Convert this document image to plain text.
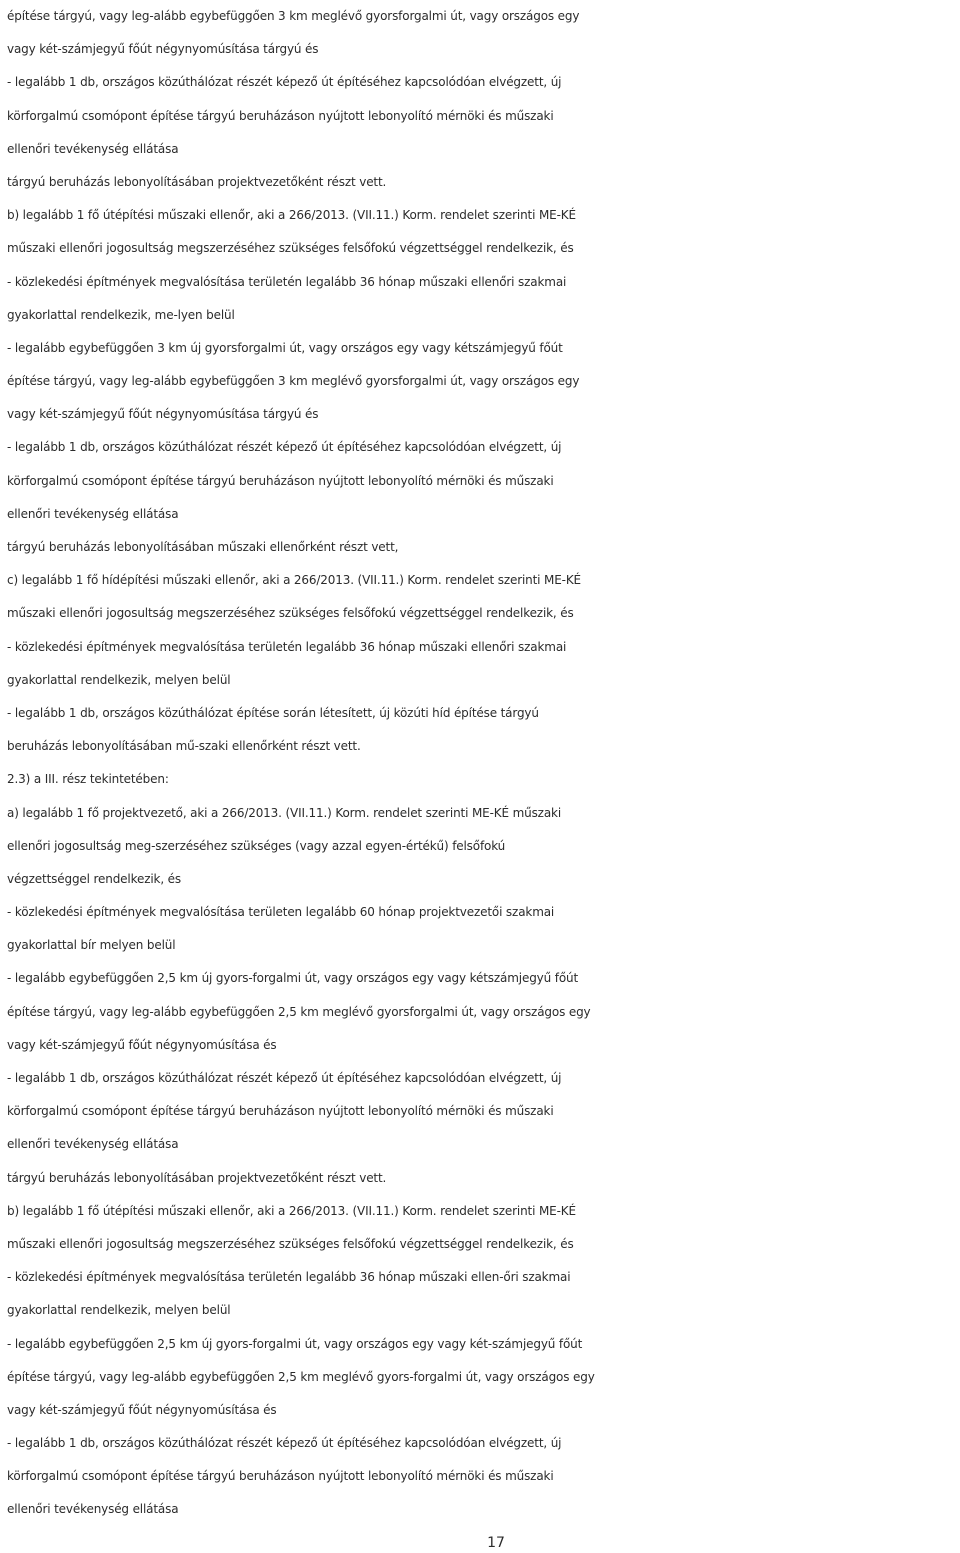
építése tárgyú, vagy leg-alább egybefüggően 3 km meglévő gyorsforgalmi út, vagy országos egy
vagy két-számjegyű főút négynyomúsítása tárgyú és
- legalább 1 db, országos közúthálózat részét képező út építéséhez kapcsolódóan elvégzett, új
körforgalmú csomópont építése tárgyú beruházáson nyújtott lebonyolító mérnöki és műszaki
ellenőri tevékenység ellátása
tárgyú beruházás lebonyolításában projektvezetőként részt vett.
b) legalább 1 fő útépítési műszaki ellenőr, aki a 266/2013. (VII.11.) Korm. rendelet szerinti ME-KÉ
műszaki ellenőri jogosultság megszerzéséhez szükséges felsőfokú végzettséggel rendelkezik, és
- közlekedési építmények megvalósítása területén legalább 36 hónap műszaki ellenőri szakmai
gyakorlattal rendelkezik, me-lyen belül
- legalább egybefüggően 3 km új gyorsforgalmi út, vagy országos egy vagy kétszámjegyű főút
építése tárgyú, vagy leg-alább egybefüggően 3 km meglévő gyorsforgalmi út, vagy országos egy
vagy két-számjegyű főút négynyomúsítása tárgyú és
- legalább 1 db, országos közúthálózat részét képező út építéséhez kapcsolódóan elvégzett, új
körforgalmú csomópont építése tárgyú beruházáson nyújtott lebonyolító mérnöki és műszaki
ellenőri tevékenység ellátása
tárgyú beruházás lebonyolításában műszaki ellenőrként részt vett,
c) legalább 1 fő hídépítési műszaki ellenőr, aki a 266/2013. (VII.11.) Korm. rendelet szerinti ME-KÉ
műszaki ellenőri jogosultság megszerzéséhez szükséges felsőfokú végzettséggel rendelkezik, és
- közlekedési építmények megvalósítása területén legalább 36 hónap műszaki ellenőri szakmai
gyakorlattal rendelkezik, melyen belül
- legalább 1 db, országos közúthálózat építése során létesített, új közúti híd építése tárgyú
beruházás lebonyolításában mű-szaki ellenőrként részt vett.
2.3) a III. rész tekintetében:
a) legalább 1 fő projektvezető, aki a 266/2013. (VII.11.) Korm. rendelet szerinti ME-KÉ műszaki
ellenőri jogosultság meg-szerzéséhez szükséges (vagy azzal egyen-értékű) felsőfokú
végzettséggel rendelkezik, és
- közlekedési építmények megvalósítása területen legalább 60 hónap projektvezetői szakmai
gyakorlattal bír melyen belül
- legalább egybefüggően 2,5 km új gyors-forgalmi út, vagy országos egy vagy kétszámjegyű főút
építése tárgyú, vagy leg-alább egybefüggően 2,5 km meglévő gyorsforgalmi út, vagy országos egy
vagy két-számjegyű főút négynyomúsítása és
- legalább 1 db, országos közúthálózat részét képező út építéséhez kapcsolódóan elvégzett, új
körforgalmú csomópont építése tárgyú beruházáson nyújtott lebonyolító mérnöki és műszaki
ellenőri tevékenység ellátása
tárgyú beruházás lebonyolításában projektvezetőként részt vett.
b) legalább 1 fő útépítési műszaki ellenőr, aki a 266/2013. (VII.11.) Korm. rendelet szerinti ME-KÉ
műszaki ellenőri jogosultság megszerzéséhez szükséges felsőfokú végzettséggel rendelkezik, és
- közlekedési építmények megvalósítása területén legalább 36 hónap műszaki ellen-őri szakmai
gyakorlattal rendelkezik, melyen belül
- legalább egybefüggően 2,5 km új gyors-forgalmi út, vagy országos egy vagy két-számjegyű főút
építése tárgyú, vagy leg-alább egybefüggően 2,5 km meglévő gyors-forgalmi út, vagy országos egy
vagy két-számjegyű főút négynyomúsítása és
- legalább 1 db, országos közúthálózat részét képező út építéséhez kapcsolódóan elvégzett, új
körforgalmú csomópont építése tárgyú beruházáson nyújtott lebonyolító mérnöki és műszaki
ellenőri tevékenység ellátása
17
